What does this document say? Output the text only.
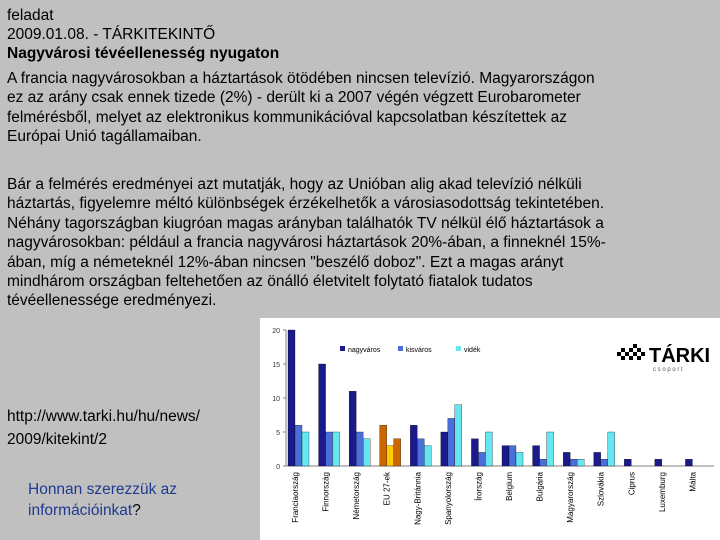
feladat
2009.01.08. - TÁRKITEKINTŐ
Nagyvárosi tévéellenesség nyugaton
A francia nagyvárosokban a háztartások ötödében nincsen televízió. Magyarországon
ez az arány csak ennek tizede (2%) - derült ki a 2007 végén végzett Eurobarometer
felmérésből, melyet az elektronikus kommunikációval kapcsolatban készítettek az
Európai Unió tagállamaiban.
Bár a felmérés eredményei azt mutatják, hogy az Unióban alig akad televízió nélküli
háztartás, figyelemre méltó különbségek érzékelhetők a városiasodottság tekintetében.
Néhány tagországban kiugróan magas arányban találhatók TV nélkül élő háztartások a
nagyvárosokban: például a francia nagyvárosi háztartások 20%-ában, a finneknél 15%-
ában, míg a németeknél 12%-ában nincsen "beszélő doboz". Ezt a magas arányt
mindhárom országban feltehetően az önálló életvitelt folytató fiatalok tudatos
tévéellenessége eredményezi.
http://www.tarki.hu/hu/news/
2009/kitekint/2
Honnan szerezzük az
információinkat?
20
15
10
5
0
nagyváros	kisváros	vidék
Franciaország	Finnország	Németország	EU 27-ek	Nagy-Británnia	Spanyolország	Írország	Belgium	Bulgária	Magyarország	Szlovákia	Ciprus	Luxemburg	Málta
TÁRKI
c s o p o r t
